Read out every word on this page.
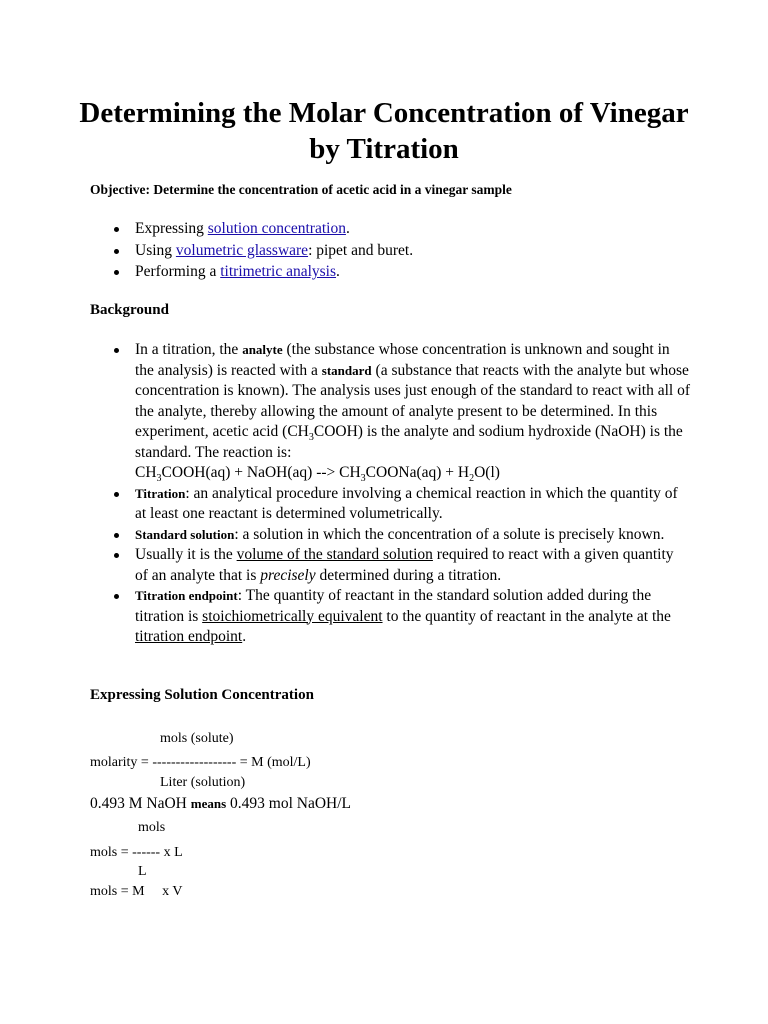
Determining the Molar Concentration of Vinegar by Titration
Objective: Determine the concentration of acetic acid in a vinegar sample
Expressing solution concentration.
Using volumetric glassware: pipet and buret.
Performing a titrimetric analysis.
Background
In a titration, the analyte (the substance whose concentration is unknown and sought in the analysis) is reacted with a standard (a substance that reacts with the analyte but whose concentration is known). The analysis uses just enough of the standard to react with all of the analyte, thereby allowing the amount of analyte present to be determined. In this experiment, acetic acid $(CH_3COOH)$ is the analyte and sodium hydroxide (NaOH) is the standard. The reaction is:
$CH_3COOH(aq)$ + NaOH(aq) --> $CH_3COONa(aq) + H_2O(l)$
Titration: an analytical procedure involving a chemical reaction in which the quantity of at least one reactant is determined volumetrically.
Standard solution: a solution in which the concentration of a solute is precisely known.
Usually it is the volume of the standard solution required to react with a given quantity of an analyte that is precisely determined during a titration.
Titration endpoint: The quantity of reactant in the standard solution added during the titration is stoichiometrically equivalent to the quantity of reactant in the analyte at the titration endpoint.
Expressing Solution Concentration
mols (solute)
molarity = ------------------ = M (mol/L)
Liter (solution)
0.493 M NaOH means 0.493 mol NaOH/L
mols
mols = ------ x L
L
mols = M     x V
